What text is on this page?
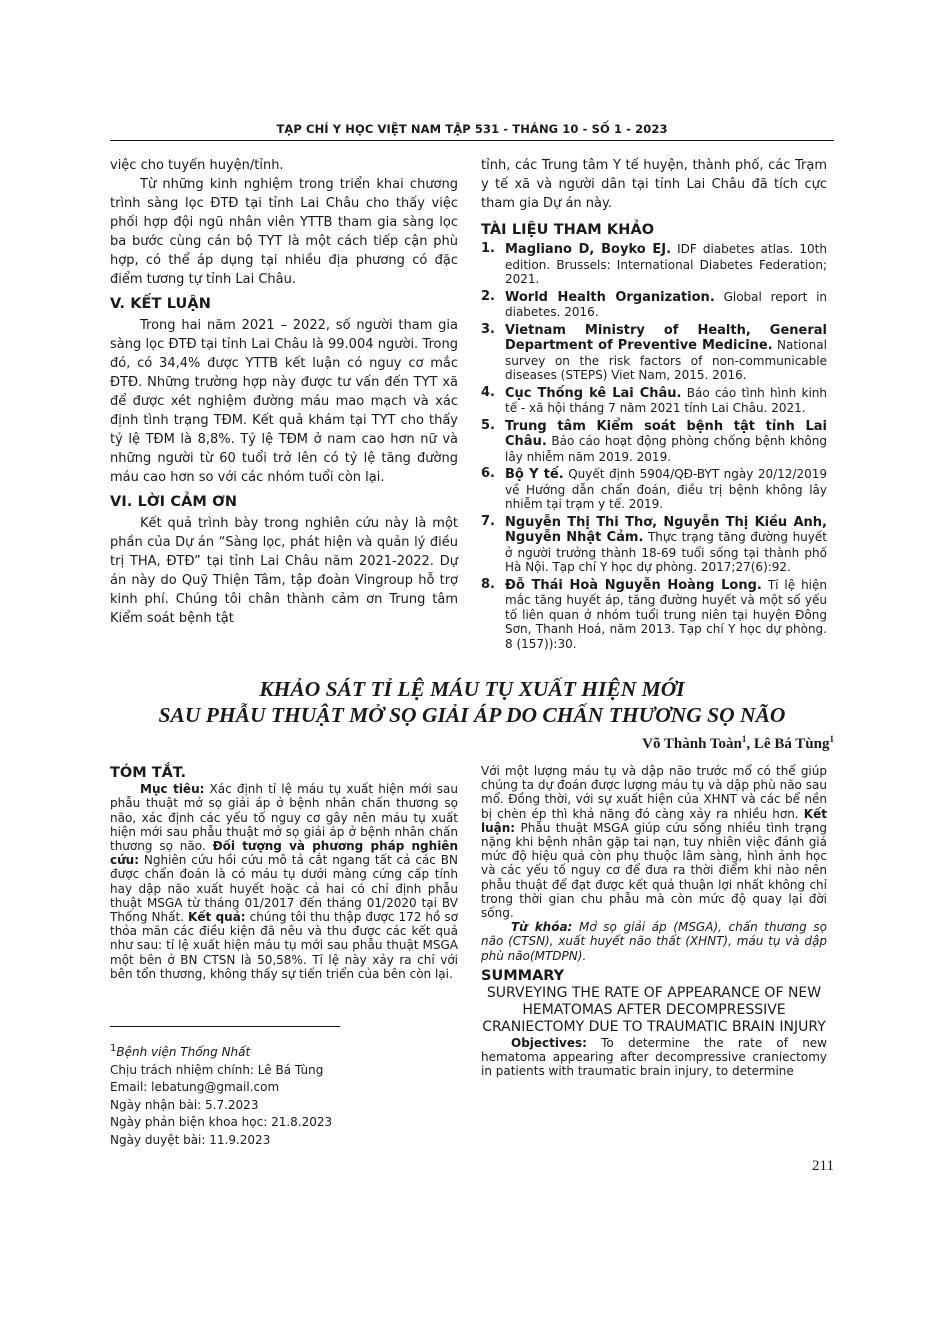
TẠP CHÍ Y HỌC VIỆT NAM TẬP 531 - THÁNG 10 - SỐ 1 - 2023

việc cho tuyến huyện/tỉnh.

Từ những kinh nghiệm trong triển khai chương trình sàng lọc ĐTĐ tại tỉnh Lai Châu cho thấy việc phối hợp đội ngũ nhân viên YTTB tham gia sàng lọc ba bước cùng cán bộ TYT là một cách tiếp cận phù hợp, có thể áp dụng tại nhiều địa phương có đặc điểm tương tự tỉnh Lai Châu.

V. KẾT LUẬN

Trong hai năm 2021 – 2022, số người tham gia sàng lọc ĐTĐ tại tỉnh Lai Châu là 99.004 người. Trong đó, có 34,4% được YTTB kết luận có nguy cơ mắc ĐTĐ. Những trường hợp này được tư vấn đến TYT xã để được xét nghiệm đường máu mao mạch và xác định tình trạng TĐM. Kết quả khám tại TYT cho thấy tỷ lệ TĐM là 8,8%. Tỷ lệ TĐM ở nam cao hơn nữ và những người từ 60 tuổi trở lên có tỷ lệ tăng đường máu cao hơn so với các nhóm tuổi còn lại.

VI. LỜI CẢM ƠN

Kết quả trình bày trong nghiên cứu này là một phần của Dự án “Sàng lọc, phát hiện và quản lý điều trị THA, ĐTĐ” tại tỉnh Lai Châu năm 2021-2022. Dự án này do Quỹ Thiện Tâm, tập đoàn Vingroup hỗ trợ kinh phí. Chúng tôi chân thành cảm ơn Trung tâm Kiểm soát bệnh tật

tỉnh, các Trung tâm Y tế huyện, thành phố, các Trạm y tế xã và người dân tại tỉnh Lai Châu đã tích cực tham gia Dự án này.

TÀI LIỆU THAM KHẢO
1. Magliano D, Boyko EJ. IDF diabetes atlas. 10th edition. Brussels: International Diabetes Federation; 2021.
2. World Health Organization. Global report in diabetes. 2016.
3. Vietnam Ministry of Health, General Department of Preventive Medicine. National survey on the risk factors of non-communicable diseases (STEPS) Viet Nam, 2015. 2016.
4. Cục Thống kê Lai Châu. Báo cáo tình hình kinh tế - xã hội tháng 7 năm 2021 tỉnh Lai Châu. 2021.
5. Trung tâm Kiểm soát bệnh tật tỉnh Lai Châu. Báo cáo hoạt động phòng chống bệnh không lây nhiễm năm 2019. 2019.
6. Bộ Y tế. Quyết định 5904/QĐ-BYT ngày 20/12/2019 về Hướng dẫn chẩn đoán, điều trị bệnh không lây nhiễm tại trạm y tế. 2019.
7. Nguyễn Thị Thi Thơ, Nguyễn Thị Kiều Anh, Nguyễn Nhật Cảm. Thực trạng tăng đường huyết ở người trưởng thành 18-69 tuổi sống tại thành phố Hà Nội. Tạp chí Y học dự phòng. 2017;27(6):92.
8. Đỗ Thái Hoà Nguyễn Hoàng Long. Tỉ lệ hiện mắc tăng huyết áp, tăng đường huyết và một số yếu tố liên quan ở nhóm tuổi trung niên tại huyện Đông Sơn, Thanh Hoá, năm 2013. Tạp chí Y học dự phòng. 8 (157)):30.
KHẢO SÁT TỈ LỆ MÁU TỤ XUẤT HIỆN MỚI
SAU PHẪU THUẬT MỞ SỌ GIẢI ÁP DO CHẤN THƯƠNG SỌ NÃO
Võ Thành Toàn$^1$, Lê Bá Tùng$^1$
TÓM TẮT.

Mục tiêu: Xác định tỉ lệ máu tụ xuất hiện mới sau phẫu thuật mở sọ giải áp ở bệnh nhân chấn thương sọ não, xác định các yếu tố nguy cơ gây nên máu tụ xuất hiện mới sau phẫu thuật mở sọ giải áp ở bệnh nhân chấn thương sọ não. Đối tượng và phương pháp nghiên cứu: Nghiên cứu hồi cứu mô tả cắt ngang tất cả các BN được chẩn đoán là có máu tụ dưới màng cứng cấp tính hay dập não xuất huyết hoặc cả hai có chỉ định phẫu thuật MSGA từ tháng 01/2017 đến tháng 01/2020 tại BV Thống Nhất. Kết quả: chúng tôi thu thập được 172 hồ sơ thỏa mãn các điều kiện đã nêu và thu được các kết quả như sau: tỉ lệ xuất hiện máu tụ mới sau phẫu thuật MSGA một bên ở BN CTSN là 50,58%. Tỉ lệ này xảy ra chỉ với bên tổn thương, không thấy sự tiến triển của bên còn lại.

Với một lượng máu tụ và dập não trước mổ có thể giúp chúng ta dự đoán được lượng máu tụ và dập phù não sau mổ. Đồng thời, với sự xuất hiện của XHNT và các bể nền bị chèn ép thì khả năng đó càng xảy ra nhiều hơn. Kết luận: Phẫu thuật MSGA giúp cứu sống nhiều tình trạng nặng khi bệnh nhân gặp tai nạn, tuy nhiên việc đánh giá mức độ hiệu quả còn phụ thuộc lâm sàng, hình ảnh học và các yếu tố nguy cơ để đưa ra thời điểm khi nào nên phẫu thuật để đạt được kết quả thuận lợi nhất không chỉ trong thời gian chu phẫu mà còn mức độ quay lại đời sống.

Từ khóa: Mở sọ giải áp (MSGA), chấn thương sọ não (CTSN), xuất huyết não thất (XHNT), máu tụ và dập phù não(MTDPN).

SUMMARY

SURVEYING THE RATE OF APPEARANCE OF NEW HEMATOMAS AFTER DECOMPRESSIVE CRANIECTOMY DUE TO TRAUMATIC BRAIN INJURY

Objectives: To determine the rate of new hematoma appearing after decompressive craniectomy in patients with traumatic brain injury, to determine

$^1$Bệnh viện Thống Nhất
Chịu trách nhiệm chính: Lê Bá Tùng
Email: lebatung@gmail.com
Ngày nhận bài: 5.7.2023
Ngày phản biện khoa học: 21.8.2023
Ngày duyệt bài: 11.9.2023
211
